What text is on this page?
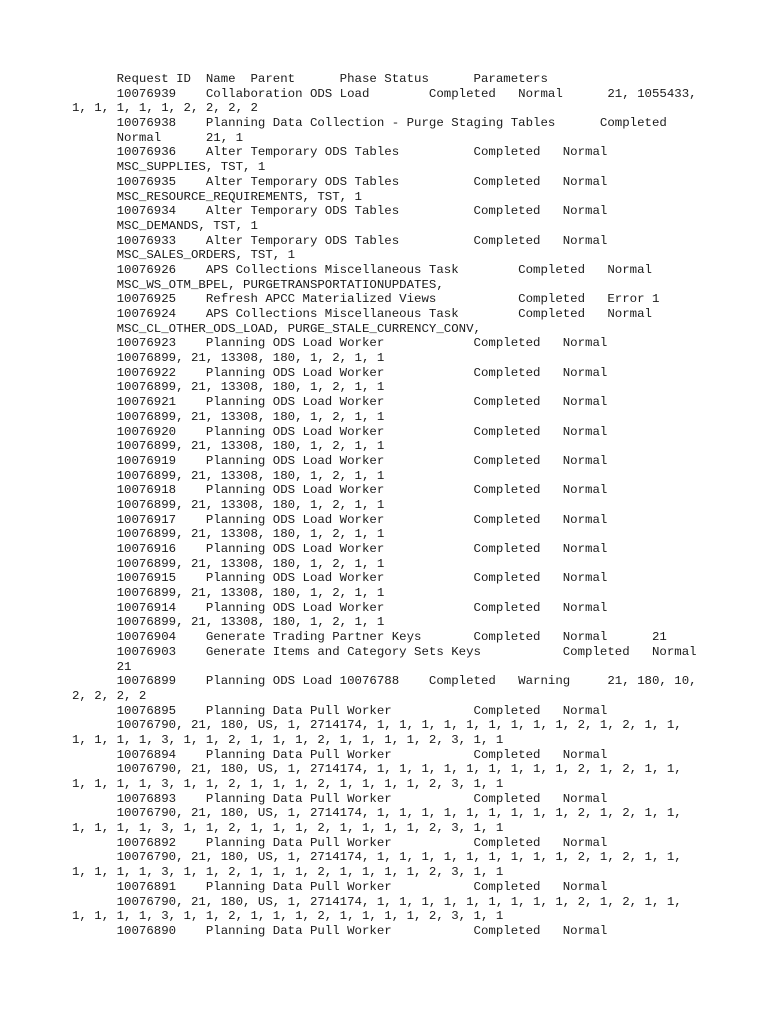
Request ID  Name  Parent      Phase Status      Parameters
10076939    Collaboration ODS Load        Completed   Normal      21, 1055433,
1, 1, 1, 1, 1, 2, 2, 2, 2
10076938    Planning Data Collection - Purge Staging Tables      Completed
Normal      21, 1
10076936    Alter Temporary ODS Tables          Completed   Normal
MSC_SUPPLIES, TST, 1
10076935    Alter Temporary ODS Tables          Completed   Normal
MSC_RESOURCE_REQUIREMENTS, TST, 1
10076934    Alter Temporary ODS Tables          Completed   Normal
MSC_DEMANDS, TST, 1
10076933    Alter Temporary ODS Tables          Completed   Normal
MSC_SALES_ORDERS, TST, 1
10076926    APS Collections Miscellaneous Task        Completed   Normal
MSC_WS_OTM_BPEL, PURGETRANSPORTATIONUPDATES,
10076925    Refresh APCC Materialized Views           Completed   Error 1
10076924    APS Collections Miscellaneous Task        Completed   Normal
MSC_CL_OTHER_ODS_LOAD, PURGE_STALE_CURRENCY_CONV,
10076923    Planning ODS Load Worker            Completed   Normal
10076899, 21, 13308, 180, 1, 2, 1, 1
10076922    Planning ODS Load Worker            Completed   Normal
10076899, 21, 13308, 180, 1, 2, 1, 1
10076921    Planning ODS Load Worker            Completed   Normal
10076899, 21, 13308, 180, 1, 2, 1, 1
10076920    Planning ODS Load Worker            Completed   Normal
10076899, 21, 13308, 180, 1, 2, 1, 1
10076919    Planning ODS Load Worker            Completed   Normal
10076899, 21, 13308, 180, 1, 2, 1, 1
10076918    Planning ODS Load Worker            Completed   Normal
10076899, 21, 13308, 180, 1, 2, 1, 1
10076917    Planning ODS Load Worker            Completed   Normal
10076899, 21, 13308, 180, 1, 2, 1, 1
10076916    Planning ODS Load Worker            Completed   Normal
10076899, 21, 13308, 180, 1, 2, 1, 1
10076915    Planning ODS Load Worker            Completed   Normal
10076899, 21, 13308, 180, 1, 2, 1, 1
10076914    Planning ODS Load Worker            Completed   Normal
10076899, 21, 13308, 180, 1, 2, 1, 1
10076904    Generate Trading Partner Keys       Completed   Normal      21
10076903    Generate Items and Category Sets Keys           Completed   Normal
21
10076899    Planning ODS Load 10076788    Completed   Warning     21, 180, 10,
2, 2, 2, 2
10076895    Planning Data Pull Worker           Completed   Normal
10076790, 21, 180, US, 1, 2714174, 1, 1, 1, 1, 1, 1, 1, 1, 1, 2, 1, 2, 1, 1,
1, 1, 1, 1, 3, 1, 1, 2, 1, 1, 1, 2, 1, 1, 1, 1, 2, 3, 1, 1
10076894    Planning Data Pull Worker           Completed   Normal
10076790, 21, 180, US, 1, 2714174, 1, 1, 1, 1, 1, 1, 1, 1, 1, 2, 1, 2, 1, 1,
1, 1, 1, 1, 3, 1, 1, 2, 1, 1, 1, 2, 1, 1, 1, 1, 2, 3, 1, 1
10076893    Planning Data Pull Worker           Completed   Normal
10076790, 21, 180, US, 1, 2714174, 1, 1, 1, 1, 1, 1, 1, 1, 1, 2, 1, 2, 1, 1,
1, 1, 1, 1, 3, 1, 1, 2, 1, 1, 1, 2, 1, 1, 1, 1, 2, 3, 1, 1
10076892    Planning Data Pull Worker           Completed   Normal
10076790, 21, 180, US, 1, 2714174, 1, 1, 1, 1, 1, 1, 1, 1, 1, 2, 1, 2, 1, 1,
1, 1, 1, 1, 3, 1, 1, 2, 1, 1, 1, 2, 1, 1, 1, 1, 2, 3, 1, 1
10076891    Planning Data Pull Worker           Completed   Normal
10076790, 21, 180, US, 1, 2714174, 1, 1, 1, 1, 1, 1, 1, 1, 1, 2, 1, 2, 1, 1,
1, 1, 1, 1, 3, 1, 1, 2, 1, 1, 1, 2, 1, 1, 1, 1, 2, 3, 1, 1
10076890    Planning Data Pull Worker           Completed   Normal
